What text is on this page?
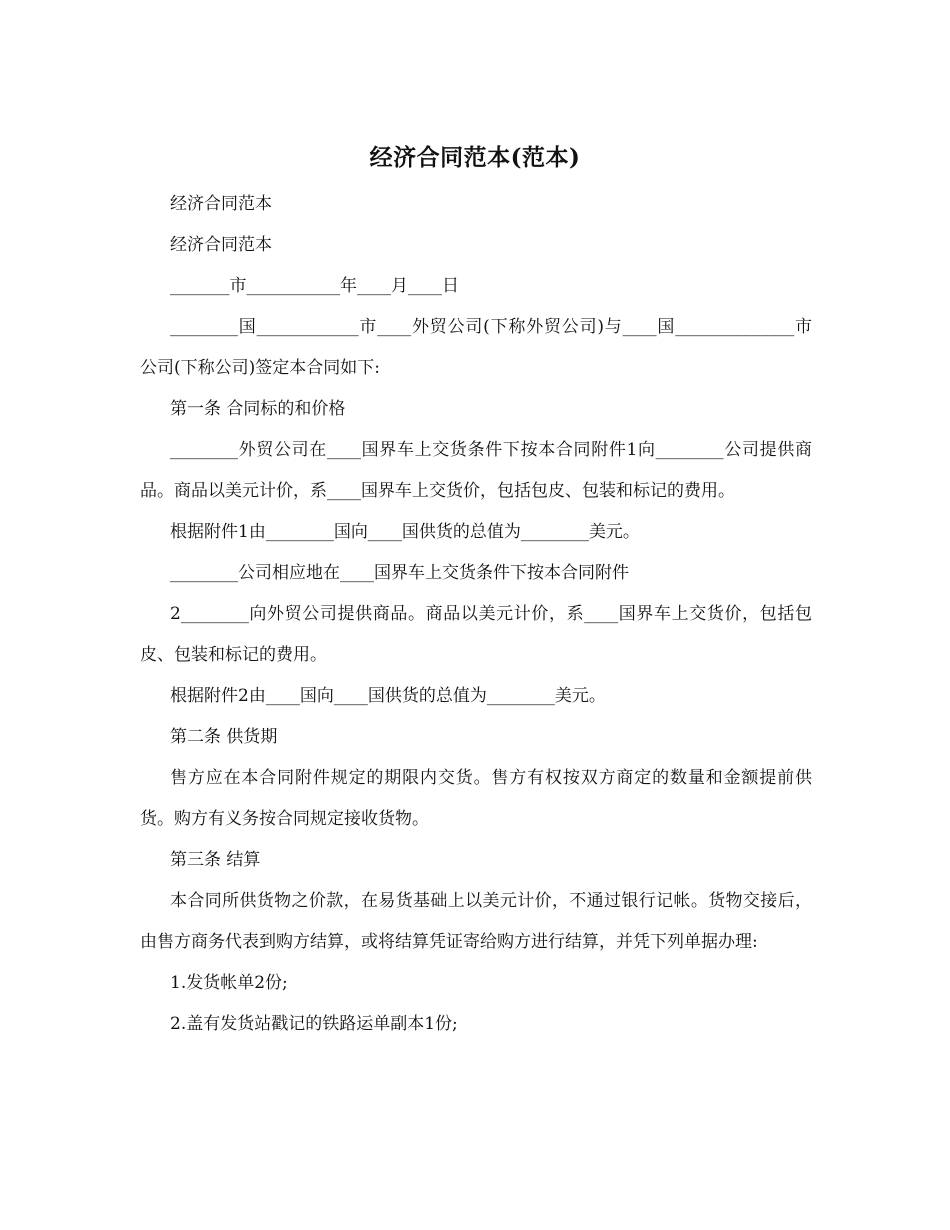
经济合同范本(范本)

经济合同范本

经济合同范本

_______市___________年____月____日

________国____________市____外贸公司(下称外贸公司)与____国______________市公司(下称公司)签定本合同如下:

第一条 合同标的和价格

________外贸公司在____国界车上交货条件下按本合同附件1向________公司提供商品。商品以美元计价，系____国界车上交货价，包括包皮、包装和标记的费用。

根据附件1由________国向____国供货的总值为________美元。

________公司相应地在____国界车上交货条件下按本合同附件

2________向外贸公司提供商品。商品以美元计价，系____国界车上交货价，包括包皮、包装和标记的费用。

根据附件2由____国向____国供货的总值为________美元。

第二条 供货期

售方应在本合同附件规定的期限内交货。售方有权按双方商定的数量和金额提前供货。购方有义务按合同规定接收货物。

第三条 结算

本合同所供货物之价款，在易货基础上以美元计价，不通过银行记帐。货物交接后，由售方商务代表到购方结算，或将结算凭证寄给购方进行结算，并凭下列单据办理:

1.发货帐单2份;

2.盖有发货站戳记的铁路运单副本1份;
